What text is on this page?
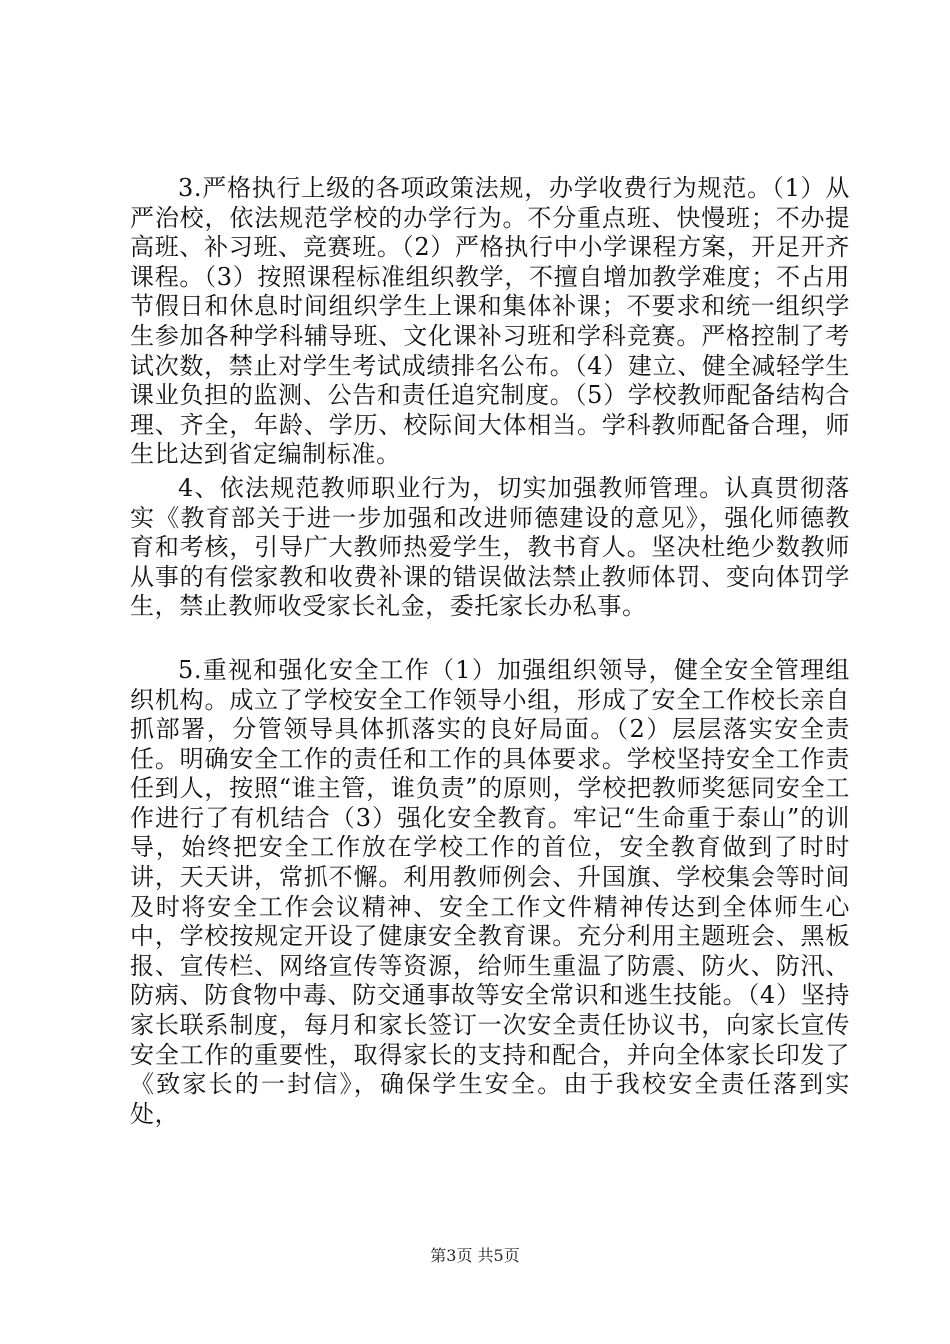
3.严格执行上级的各项政策法规，办学收费行为规范。（1）从严治校，依法规范学校的办学行为。不分重点班、快慢班；不办提高班、补习班、竞赛班。（2）严格执行中小学课程方案，开足开齐课程。（3）按照课程标准组织教学，不擅自增加教学难度；不占用节假日和休息时间组织学生上课和集体补课；不要求和统一组织学生参加各种学科辅导班、文化课补习班和学科竞赛。严格控制了考试次数，禁止对学生考试成绩排名公布。（4）建立、健全减轻学生课业负担的监测、公告和责任追究制度。（5）学校教师配备结构合理、齐全，年龄、学历、校际间大体相当。学科教师配备合理，师生比达到省定编制标准。

4、依法规范教师职业行为，切实加强教师管理。认真贯彻落实《教育部关于进一步加强和改进师德建设的意见》，强化师德教育和考核，引导广大教师热爱学生，教书育人。坚决杜绝少数教师从事的有偿家教和收费补课的错误做法禁止教师体罚、变向体罚学生，禁止教师收受家长礼金，委托家长办私事。

5.重视和强化安全工作（1）加强组织领导，健全安全管理组织机构。成立了学校安全工作领导小组，形成了安全工作校长亲自抓部署，分管领导具体抓落实的良好局面。（2）层层落实安全责任。明确安全工作的责任和工作的具体要求。学校坚持安全工作责任到人，按照“谁主管，谁负责”的原则，学校把教师奖惩同安全工作进行了有机结合（3）强化安全教育。牢记“生命重于泰山”的训导，始终把安全工作放在学校工作的首位，安全教育做到了时时讲，天天讲，常抓不懈。利用教师例会、升国旗、学校集会等时间及时将安全工作会议精神、安全工作文件精神传达到全体师生心中，学校按规定开设了健康安全教育课。充分利用主题班会、黑板报、宣传栏、网络宣传等资源，给师生重温了防震、防火、防汛、防病、防食物中毒、防交通事故等安全常识和逃生技能。（4）坚持家长联系制度，每月和家长签订一次安全责任协议书，向家长宣传安全工作的重要性，取得家长的支持和配合，并向全体家长印发了《致家长的一封信》，确保学生安全。由于我校安全责任落到实处，

第3页 共5页
